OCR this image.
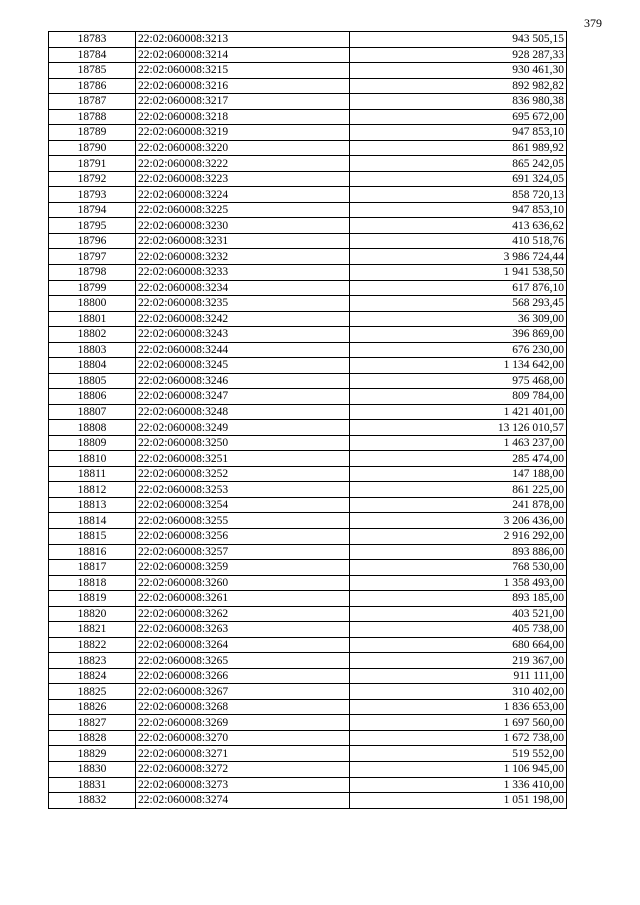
379
18783	22:02:060008:3213	943 505,15
18784	22:02:060008:3214	928 287,33
18785	22:02:060008:3215	930 461,30
18786	22:02:060008:3216	892 982,82
18787	22:02:060008:3217	836 980,38
18788	22:02:060008:3218	695 672,00
18789	22:02:060008:3219	947 853,10
18790	22:02:060008:3220	861 989,92
18791	22:02:060008:3222	865 242,05
18792	22:02:060008:3223	691 324,05
18793	22:02:060008:3224	858 720,13
18794	22:02:060008:3225	947 853,10
18795	22:02:060008:3230	413 636,62
18796	22:02:060008:3231	410 518,76
18797	22:02:060008:3232	3 986 724,44
18798	22:02:060008:3233	1 941 538,50
18799	22:02:060008:3234	617 876,10
18800	22:02:060008:3235	568 293,45
18801	22:02:060008:3242	36 309,00
18802	22:02:060008:3243	396 869,00
18803	22:02:060008:3244	676 230,00
18804	22:02:060008:3245	1 134 642,00
18805	22:02:060008:3246	975 468,00
18806	22:02:060008:3247	809 784,00
18807	22:02:060008:3248	1 421 401,00
18808	22:02:060008:3249	13 126 010,57
18809	22:02:060008:3250	1 463 237,00
18810	22:02:060008:3251	285 474,00
18811	22:02:060008:3252	147 188,00
18812	22:02:060008:3253	861 225,00
18813	22:02:060008:3254	241 878,00
18814	22:02:060008:3255	3 206 436,00
18815	22:02:060008:3256	2 916 292,00
18816	22:02:060008:3257	893 886,00
18817	22:02:060008:3259	768 530,00
18818	22:02:060008:3260	1 358 493,00
18819	22:02:060008:3261	893 185,00
18820	22:02:060008:3262	403 521,00
18821	22:02:060008:3263	405 738,00
18822	22:02:060008:3264	680 664,00
18823	22:02:060008:3265	219 367,00
18824	22:02:060008:3266	911 111,00
18825	22:02:060008:3267	310 402,00
18826	22:02:060008:3268	1 836 653,00
18827	22:02:060008:3269	1 697 560,00
18828	22:02:060008:3270	1 672 738,00
18829	22:02:060008:3271	519 552,00
18830	22:02:060008:3272	1 106 945,00
18831	22:02:060008:3273	1 336 410,00
18832	22:02:060008:3274	1 051 198,00
